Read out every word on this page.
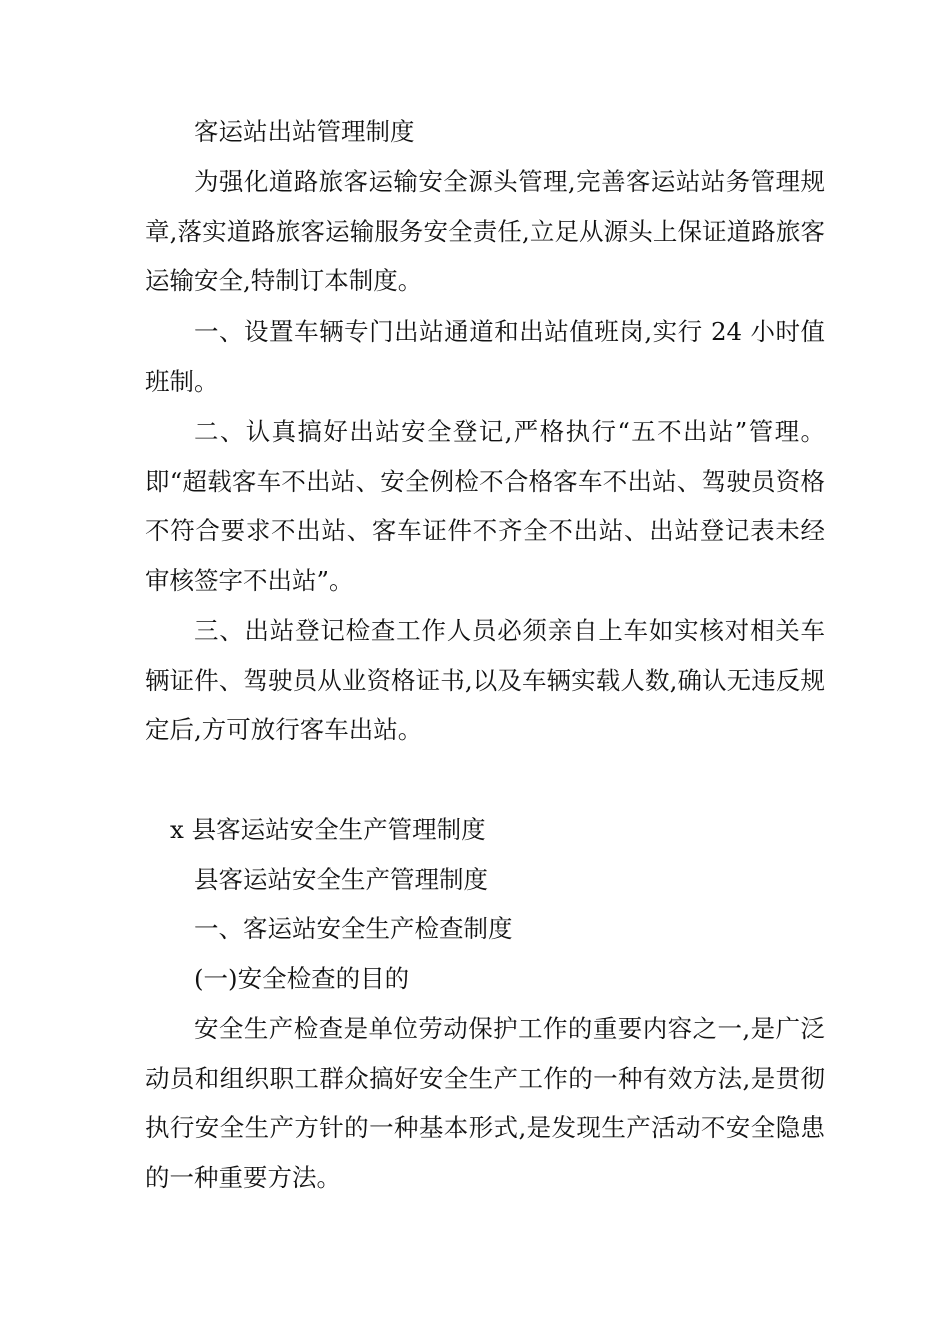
客运站出站管理制度

为强化道路旅客运输安全源头管理,完善客运站站务管理规章,落实道路旅客运输服务安全责任,立足从源头上保证道路旅客运输安全,特制订本制度。

一、设置车辆专门出站通道和出站值班岗,实行 24 小时值班制。

二、认真搞好出站安全登记,严格执行“五不出站”管理。即“超载客车不出站、安全例检不合格客车不出站、驾驶员资格不符合要求不出站、客车证件不齐全不出站、出站登记表未经审核签字不出站”。

三、出站登记检查工作人员必须亲自上车如实核对相关车辆证件、驾驶员从业资格证书,以及车辆实载人数,确认无违反规定后,方可放行客车出站。

x 县客运站安全生产管理制度

县客运站安全生产管理制度

一、客运站安全生产检查制度

(一)安全检查的目的

安全生产检查是单位劳动保护工作的重要内容之一,是广泛动员和组织职工群众搞好安全生产工作的一种有效方法,是贯彻执行安全生产方针的一种基本形式,是发现生产活动不安全隐患的一种重要方法。
